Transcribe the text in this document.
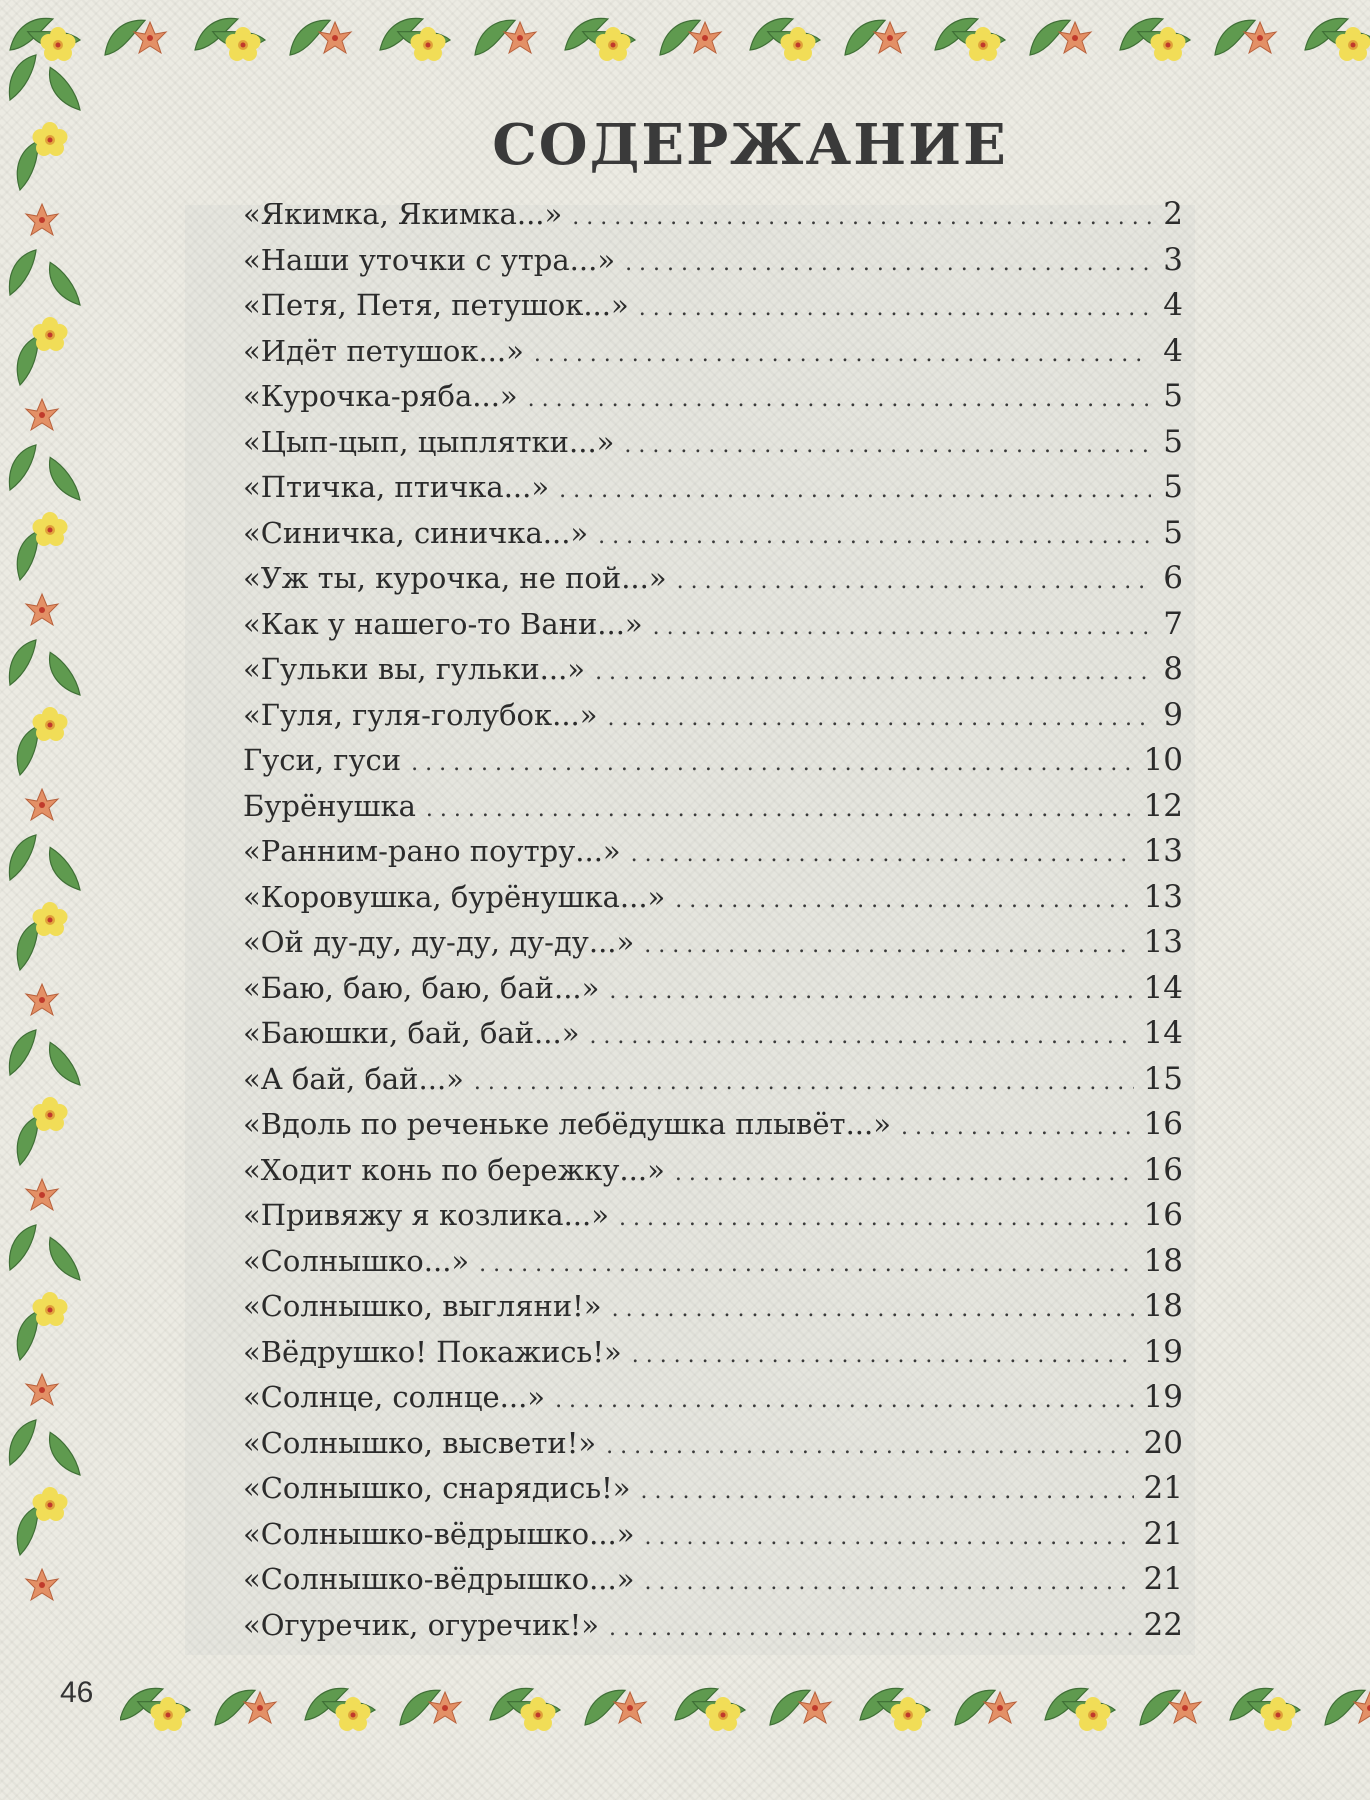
СОДЕРЖАНИЕ
«Якимка, Якимка...» . . .	2
«Наши уточки с утра...» . . .	3
«Петя, Петя, петушок...» . . .	4
«Идёт петушок...» . . .	4
«Курочка-ряба...» . . .	5
«Цып-цып, цыплятки...» . . .	5
«Птичка, птичка...» . . .	5
«Синичка, синичка...» . . .	5
«Уж ты, курочка, не пой...» . . .	6
«Как у нашего-то Вани...» . . .	7
«Гульки вы, гульки...» . . .	8
«Гуля, гуля-голубок...» . . .	9
Гуси, гуси . . .	10
Бурёнушка . . .	12
«Ранним-рано поутру...» . . .	13
«Коровушка, бурёнушка...» . . .	13
«Ой ду-ду, ду-ду, ду-ду...» . . .	13
«Баю, баю, баю, бай...» . . .	14
«Баюшки, бай, бай...» . . .	14
«А бай, бай...» . . .	15
«Вдоль по реченьке лебёдушка плывёт...» . . .	16
«Ходит конь по бережку...» . . .	16
«Привяжу я козлика...» . . .	16
«Солнышко...» . . .	18
«Солнышко, выгляни!» . . .	18
«Вёдрушко! Покажись!» . . .	19
«Солнце, солнце...» . . .	19
«Солнышко, высвети!» . . .	20
«Солнышко, снарядись!» . . .	21
«Солнышко-вёдрышко...» . . .	21
«Солнышко-вёдрышко...» . . .	21
«Огуречик, огуречик!» . . .	22
46
